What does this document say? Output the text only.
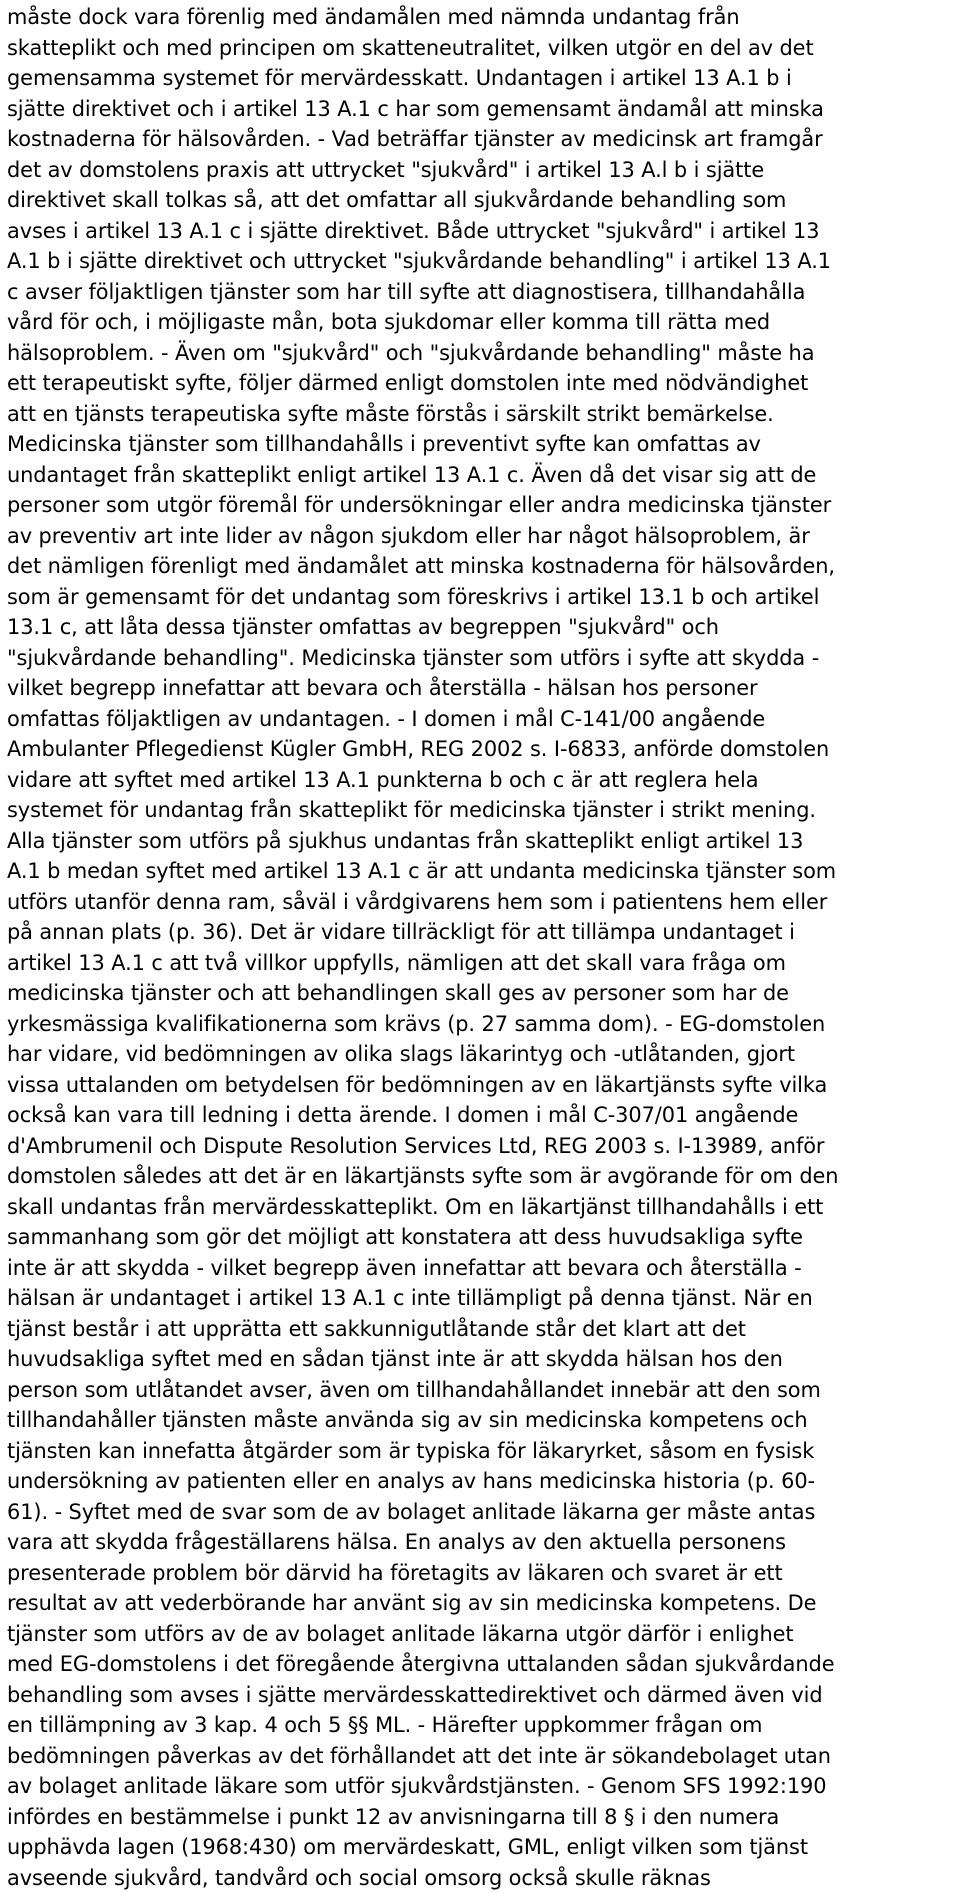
måste dock vara förenlig med ändamålen med nämnda undantag från
skatteplikt och med principen om skatteneutralitet, vilken utgör en del av det
gemensamma systemet för mervärdesskatt. Undantagen i artikel 13 A.1 b i
sjätte direktivet och i artikel 13 A.1 c har som gemensamt ändamål att minska
kostnaderna för hälsovården. - Vad beträffar tjänster av medicinsk art framgår
det av domstolens praxis att uttrycket "sjukvård" i artikel 13 A.l b i sjätte
direktivet skall tolkas så, att det omfattar all sjukvårdande behandling som
avses i artikel 13 A.1 c i sjätte direktivet. Både uttrycket "sjukvård" i artikel 13
A.1 b i sjätte direktivet och uttrycket "sjukvårdande behandling" i artikel 13 A.1
c avser följaktligen tjänster som har till syfte att diagnostisera, tillhandahålla
vård för och, i möjligaste mån, bota sjukdomar eller komma till rätta med
hälsoproblem. - Även om "sjukvård" och "sjukvårdande behandling" måste ha
ett terapeutiskt syfte, följer därmed enligt domstolen inte med nödvändighet
att en tjänsts terapeutiska syfte måste förstås i särskilt strikt bemärkelse.
Medicinska tjänster som tillhandahålls i preventivt syfte kan omfattas av
undantaget från skatteplikt enligt artikel 13 A.1 c. Även då det visar sig att de
personer som utgör föremål för undersökningar eller andra medicinska tjänster
av preventiv art inte lider av någon sjukdom eller har något hälsoproblem, är
det nämligen förenligt med ändamålet att minska kostnaderna för hälsovården,
som är gemensamt för det undantag som föreskrivs i artikel 13.1 b och artikel
13.1 c, att låta dessa tjänster omfattas av begreppen "sjukvård" och
"sjukvårdande behandling". Medicinska tjänster som utförs i syfte att skydda -
vilket begrepp innefattar att bevara och återställa - hälsan hos personer
omfattas följaktligen av undantagen. - I domen i mål C-141/00 angående
Ambulanter Pflegedienst Kügler GmbH, REG 2002 s. I-6833, anförde domstolen
vidare att syftet med artikel 13 A.1 punkterna b och c är att reglera hela
systemet för undantag från skatteplikt för medicinska tjänster i strikt mening.
Alla tjänster som utförs på sjukhus undantas från skatteplikt enligt artikel 13
A.1 b medan syftet med artikel 13 A.1 c är att undanta medicinska tjänster som
utförs utanför denna ram, såväl i vårdgivarens hem som i patientens hem eller
på annan plats (p. 36). Det är vidare tillräckligt för att tillämpa undantaget i
artikel 13 A.1 c att två villkor uppfylls, nämligen att det skall vara fråga om
medicinska tjänster och att behandlingen skall ges av personer som har de
yrkesmässiga kvalifikationerna som krävs (p. 27 samma dom). - EG-domstolen
har vidare, vid bedömningen av olika slags läkarintyg och -utlåtanden, gjort
vissa uttalanden om betydelsen för bedömningen av en läkartjänsts syfte vilka
också kan vara till ledning i detta ärende. I domen i mål C-307/01 angående
d'Ambrumenil och Dispute Resolution Services Ltd, REG 2003 s. I-13989, anför
domstolen således att det är en läkartjänsts syfte som är avgörande för om den
skall undantas från mervärdesskatteplikt. Om en läkartjänst tillhandahålls i ett
sammanhang som gör det möjligt att konstatera att dess huvudsakliga syfte
inte är att skydda - vilket begrepp även innefattar att bevara och återställa -
hälsan är undantaget i artikel 13 A.1 c inte tillämpligt på denna tjänst. När en
tjänst består i att upprätta ett sakkunnigutlåtande står det klart att det
huvudsakliga syftet med en sådan tjänst inte är att skydda hälsan hos den
person som utlåtandet avser, även om tillhandahållandet innebär att den som
tillhandahåller tjänsten måste använda sig av sin medicinska kompetens och
tjänsten kan innefatta åtgärder som är typiska för läkaryrket, såsom en fysisk
undersökning av patienten eller en analys av hans medicinska historia (p. 60-
61). - Syftet med de svar som de av bolaget anlitade läkarna ger måste antas
vara att skydda frågeställarens hälsa. En analys av den aktuella personens
presenterade problem bör därvid ha företagits av läkaren och svaret är ett
resultat av att vederbörande har använt sig av sin medicinska kompetens. De
tjänster som utförs av de av bolaget anlitade läkarna utgör därför i enlighet
med EG-domstolens i det föregående återgivna uttalanden sådan sjukvårdande
behandling som avses i sjätte mervärdesskattedirektivet och därmed även vid
en tillämpning av 3 kap. 4 och 5 §§ ML. - Härefter uppkommer frågan om
bedömningen påverkas av det förhållandet att det inte är sökandebolaget utan
av bolaget anlitade läkare som utför sjukvårdstjänsten. - Genom SFS 1992:190
infördes en bestämmelse i punkt 12 av anvisningarna till 8 § i den numera
upphävda lagen (1968:430) om mervärdeskatt, GML, enligt vilken som tjänst
avseende sjukvård, tandvård och social omsorg också skulle räknas
